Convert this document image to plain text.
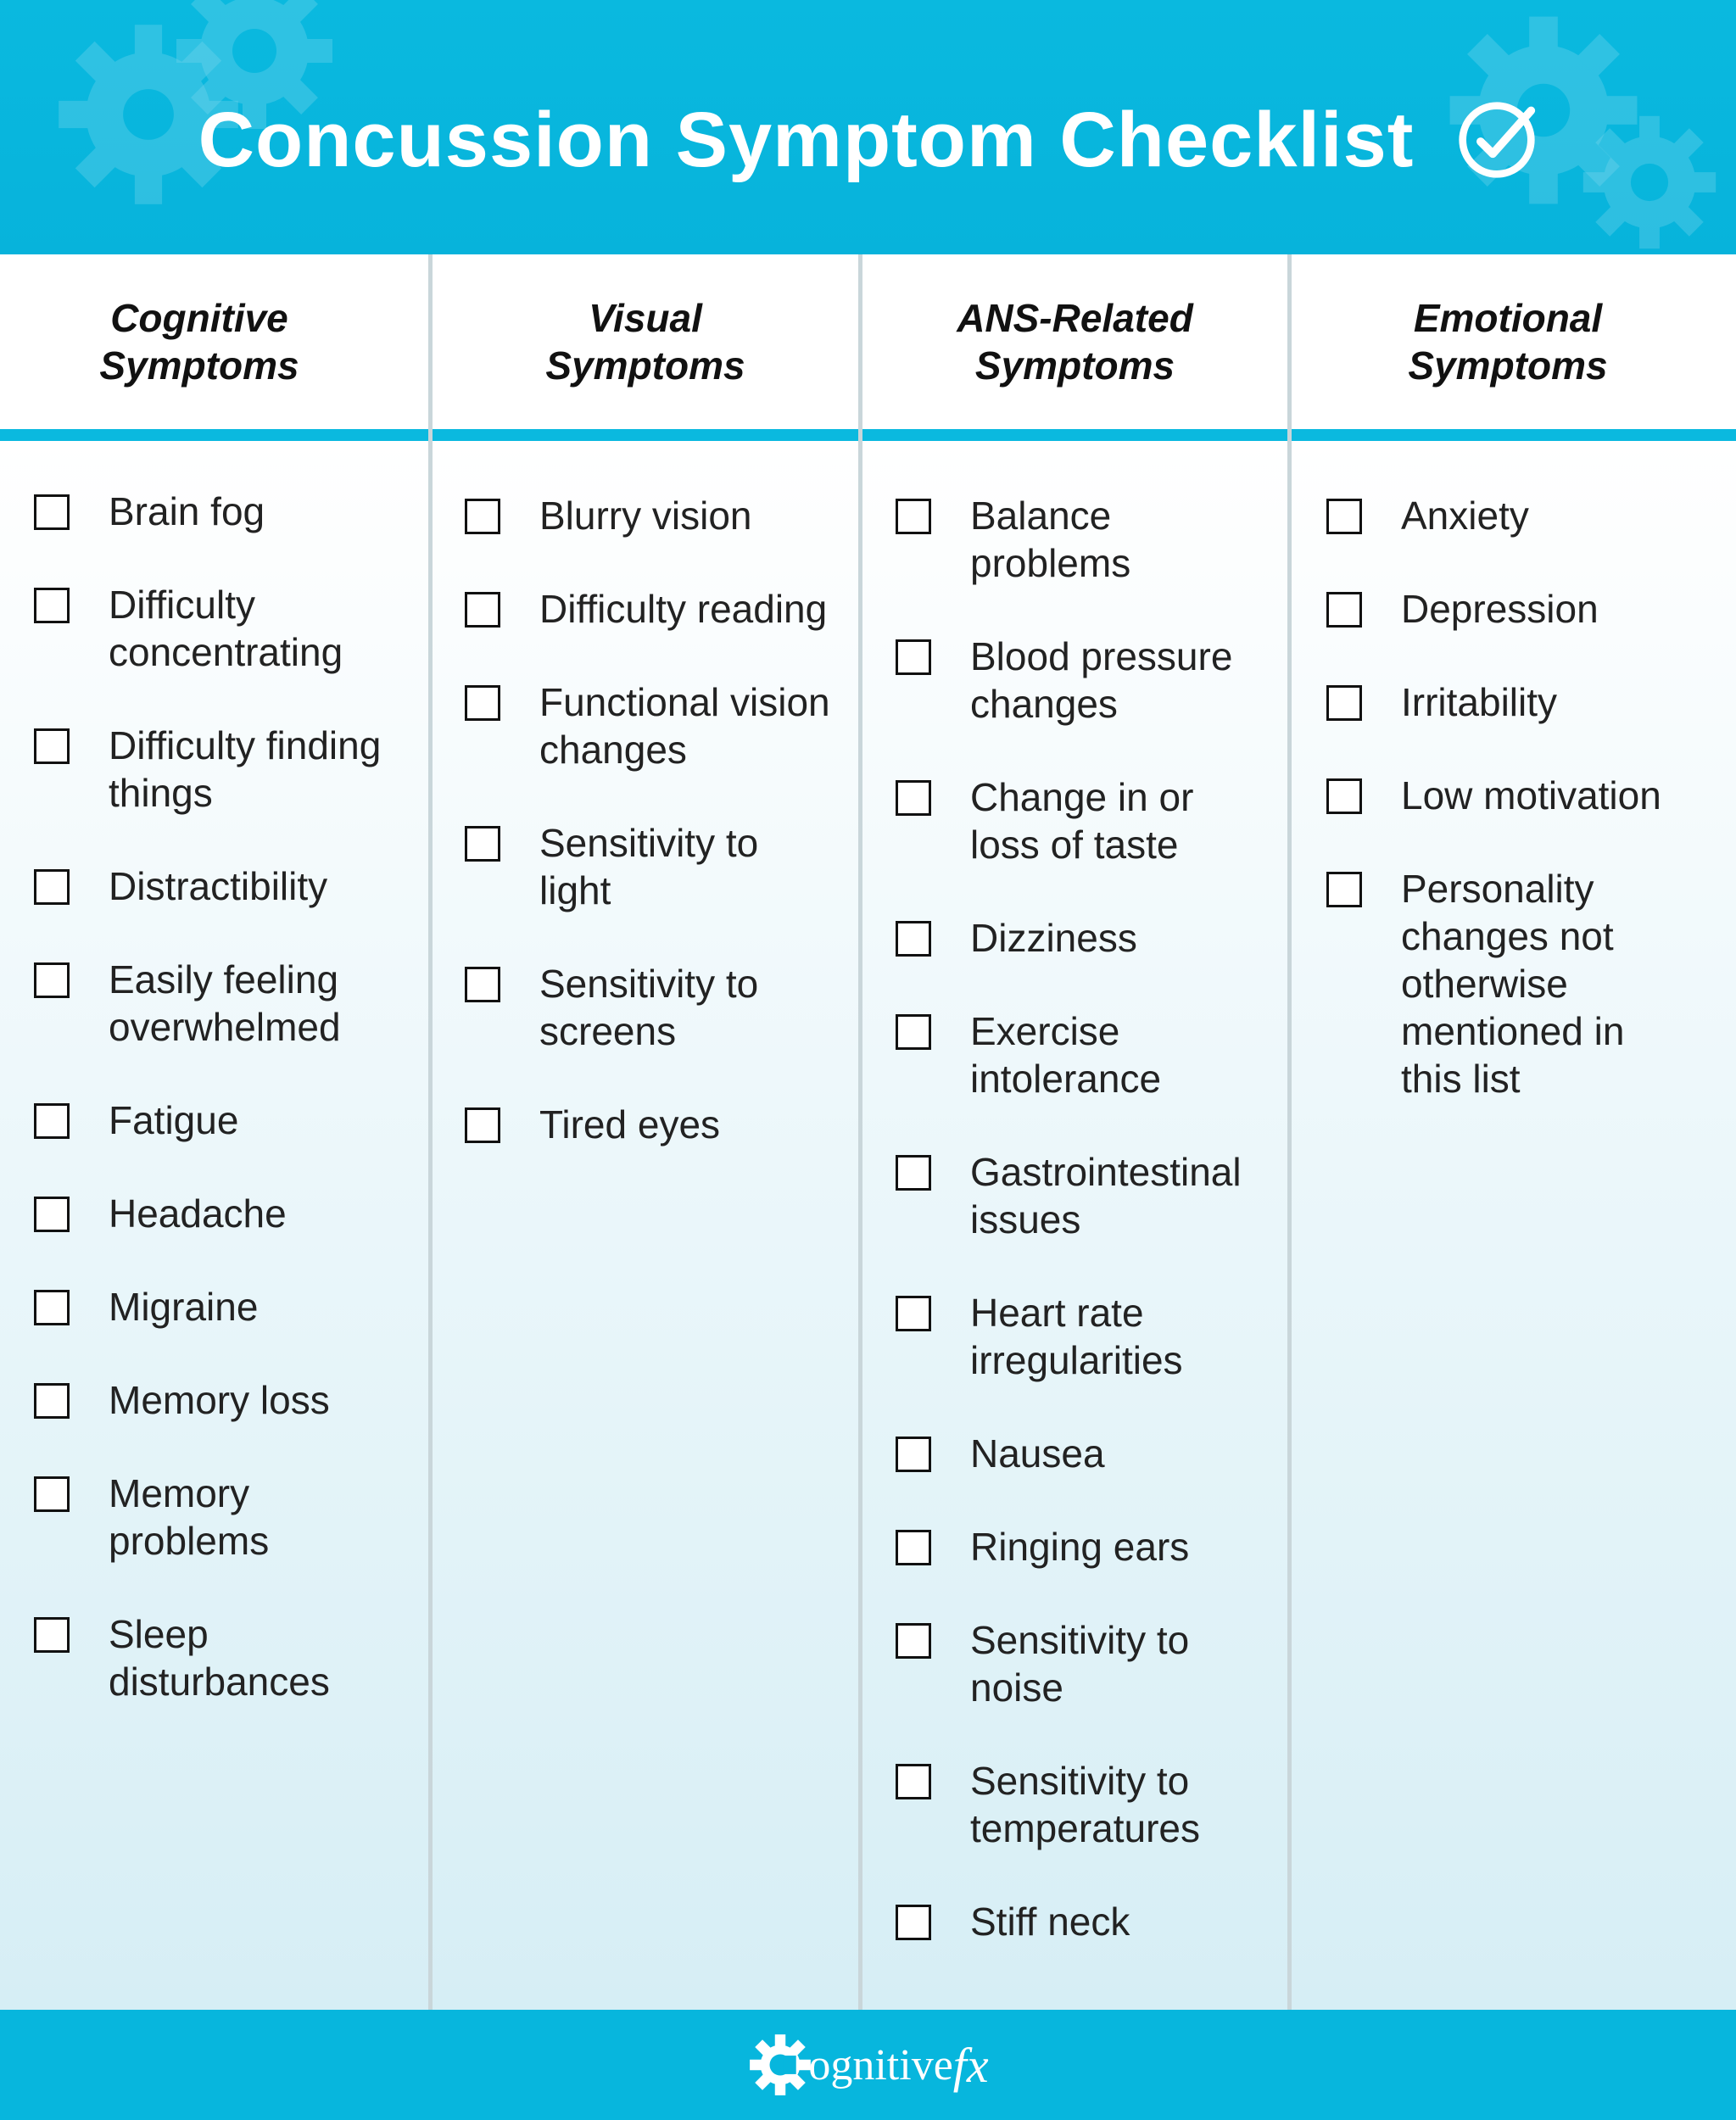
Concussion Symptom Checklist
Cognitive
Symptoms
Visual
Symptoms
ANS-Related
Symptoms
Emotional
Symptoms
Brain fog
Difficulty
concentrating
Difficulty finding
things
Distractibility
Easily feeling
overwhelmed
Fatigue
Headache
Migraine
Memory loss
Memory
problems
Sleep
disturbances
Blurry vision
Difficulty reading
Functional vision
changes
Sensitivity to
light
Sensitivity to
screens
Tired eyes
Balance
problems
Blood pressure
changes
Change in or
loss of taste
Dizziness
Exercise
intolerance
Gastrointestinal
issues
Heart rate
irregularities
Nausea
Ringing ears
Sensitivity to
noise
Sensitivity to
temperatures
Stiff neck
Anxiety
Depression
Irritability
Low motivation
Personality
changes not
otherwise
mentioned in
this list
ognitive fx
